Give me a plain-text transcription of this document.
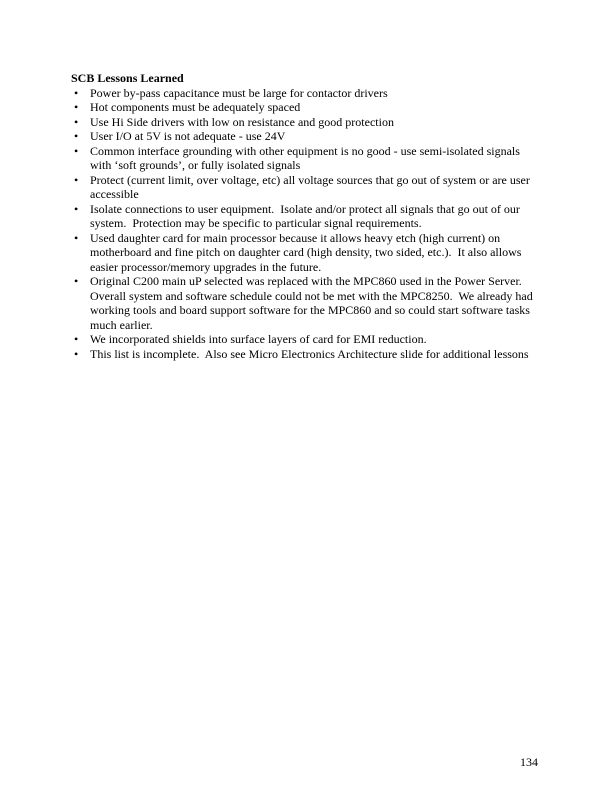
SCB Lessons Learned
• Power by-pass capacitance must be large for contactor drivers
• Hot components must be adequately spaced
• Use Hi Side drivers with low on resistance and good protection
• User I/O at 5V is not adequate - use 24V
• Common interface grounding with other equipment is no good - use semi-isolated signals with ‘soft grounds’, or fully isolated signals
• Protect (current limit, over voltage, etc) all voltage sources that go out of system or are user accessible
• Isolate connections to user equipment.  Isolate and/or protect all signals that go out of our system.  Protection may be specific to particular signal requirements.
• Used daughter card for main processor because it allows heavy etch (high current) on motherboard and fine pitch on daughter card (high density, two sided, etc.).  It also allows easier processor/memory upgrades in the future.
• Original C200 main uP selected was replaced with the MPC860 used in the Power Server.  Overall system and software schedule could not be met with the MPC8250.  We already had working tools and board support software for the MPC860 and so could start software tasks much earlier.
• We incorporated shields into surface layers of card for EMI reduction.
• This list is incomplete.  Also see Micro Electronics Architecture slide for additional lessons
134
